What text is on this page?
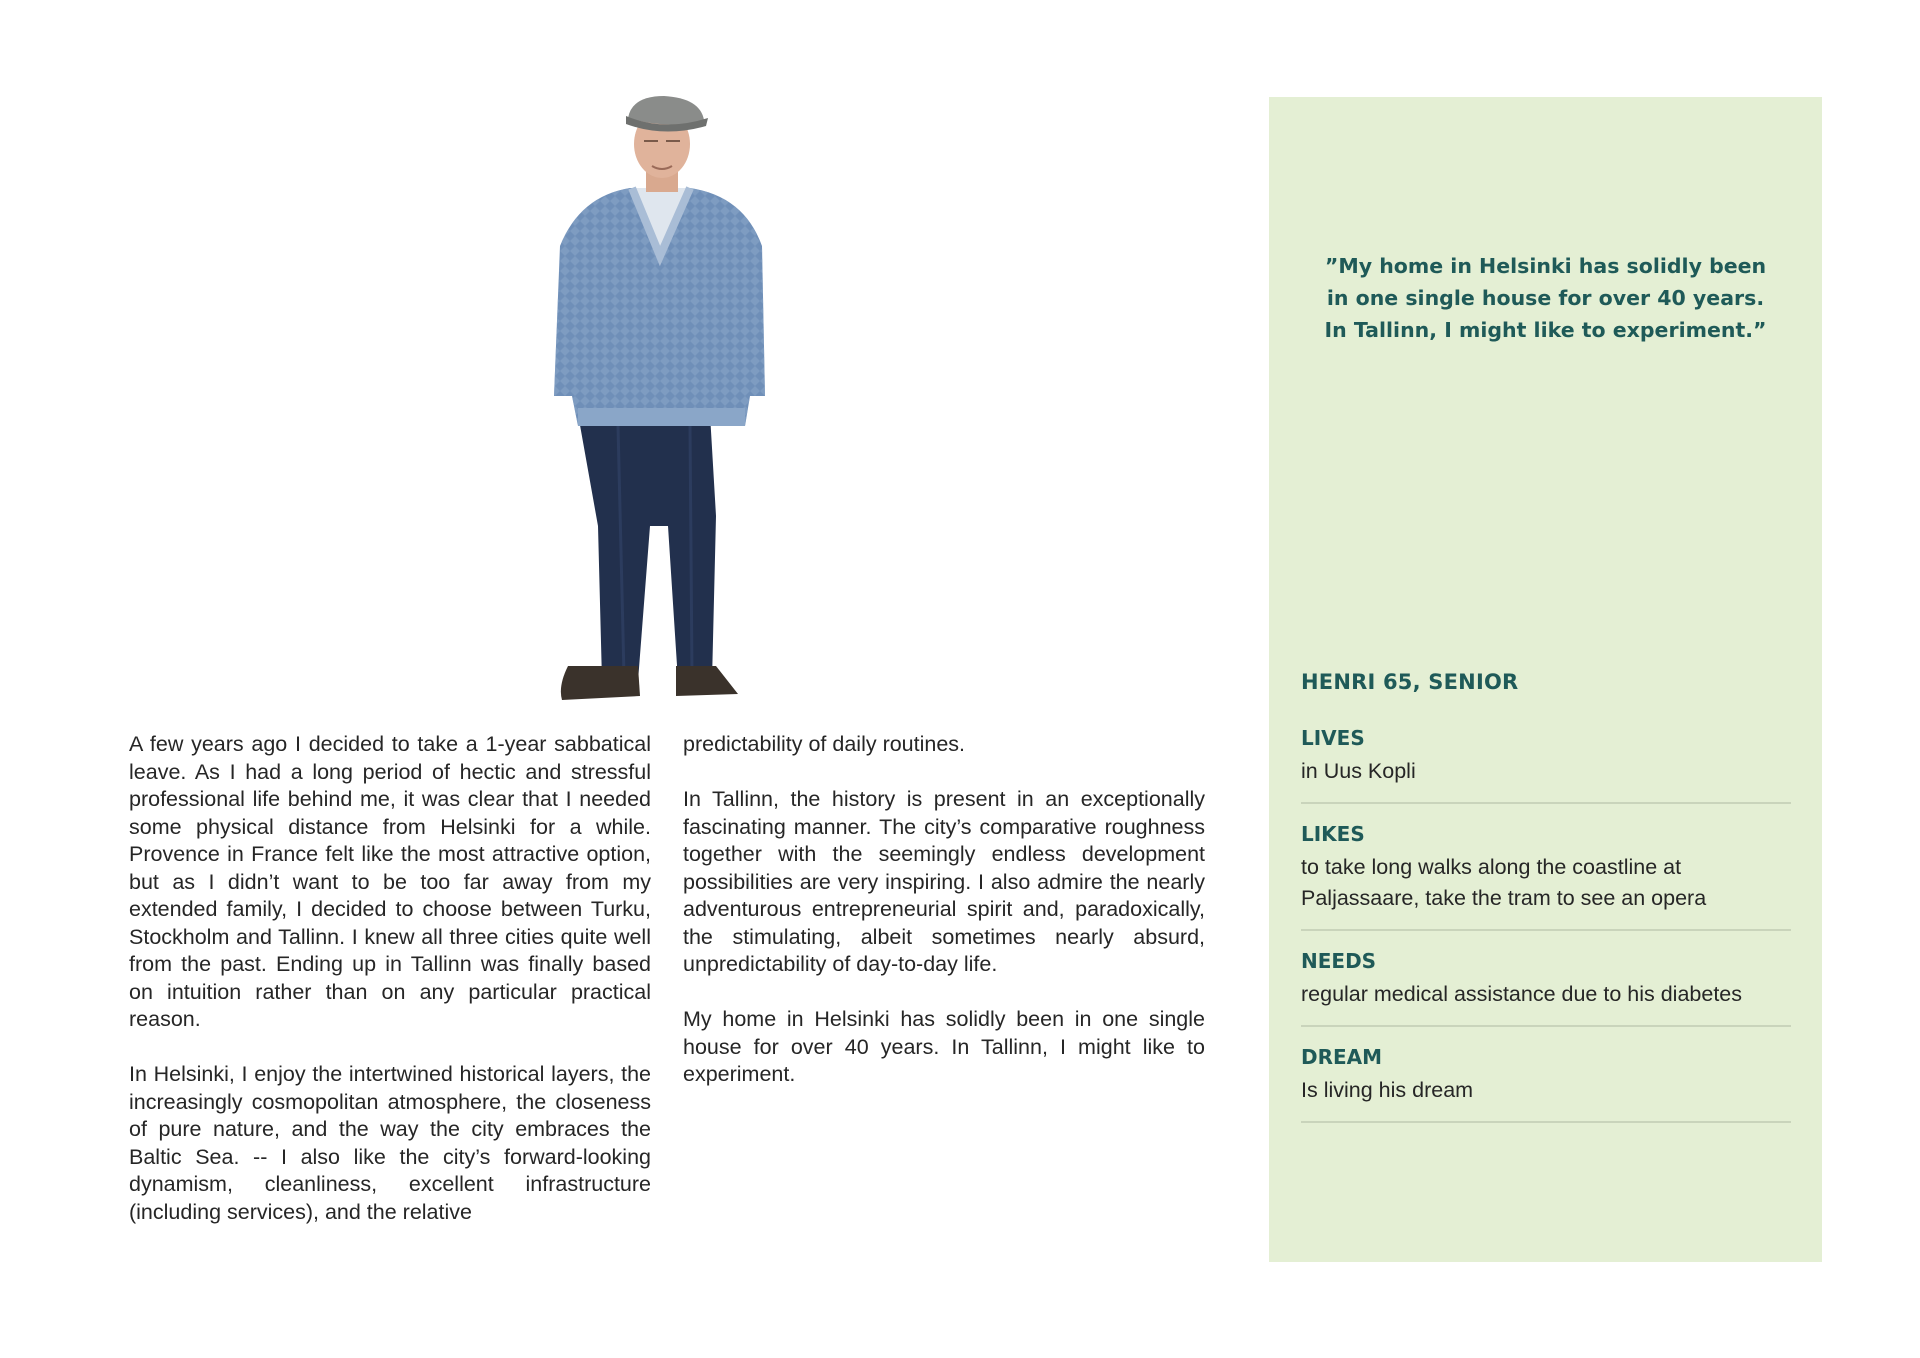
A few years ago I decided to take a 1-year sabbatical leave. As I had a long period of hectic and stressful professional life behind me, it was clear that I needed some physical distance from Helsinki for a while. Provence in France felt like the most attractive option, but as I didn’t want to be too far away from my extended family, I decided to choose between Turku, Stockholm and Tallinn. I knew all three cities quite well from the past. Ending up in Tallinn was finally based on intuition rather than on any particular practical reason.

In Helsinki, I enjoy the intertwined historical layers, the increasingly cosmopolitan atmosphere, the closeness of pure nature, and the way the city embraces the Baltic Sea. -- I also like the city’s forward-looking dynamism, cleanliness, excellent infrastructure (including services), and the relative

predictability of daily routines.

In Tallinn, the history is present in an exceptionally fascinating manner. The city’s comparative roughness together with the seemingly endless development possibilities are very inspiring. I also admire the nearly adventurous entrepreneurial spirit and, paradoxically, the stimulating, albeit sometimes nearly absurd, unpredictability of day-to-day life.

My home in Helsinki has solidly been in one single house for over 40 years. In Tallinn, I might like to experiment.

”My home in Helsinki has solidly been in one single house for over 40 years. In Tallinn, I might like to experiment.”
HENRI 65, SENIOR
LIVES
in Uus Kopli
LIKES
to take long walks along the coastline at Paljassaare, take the tram to see an opera
NEEDS
regular medical assistance due to his diabetes
DREAM
Is living his dream
